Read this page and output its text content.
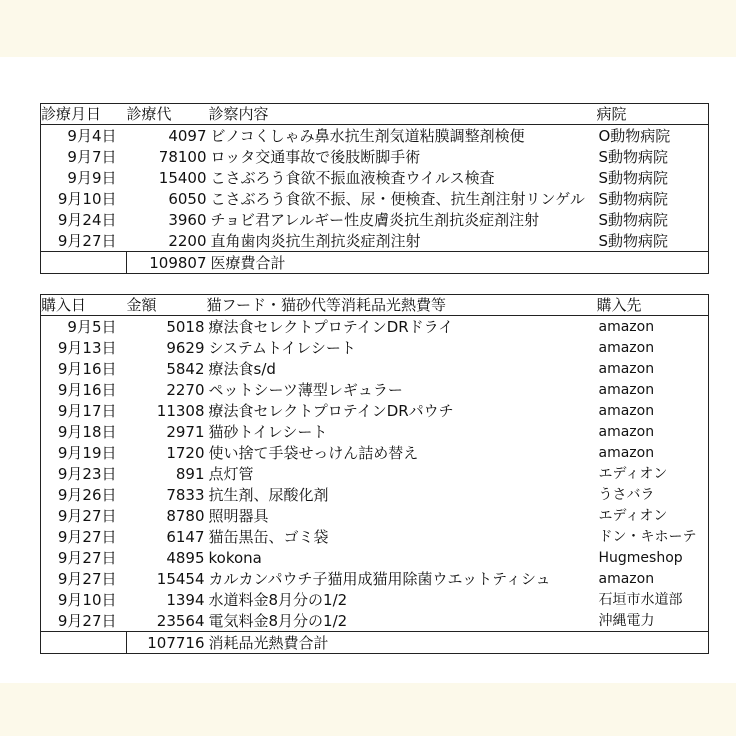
診療月日	診療代	診察内容	病院
9月4日	4097	ビノコくしゃみ鼻水抗生剤気道粘膜調整剤検便	O動物病院
9月7日	78100	ロッタ交通事故で後肢断脚手術	S動物病院
9月9日	15400	こさぶろう食欲不振血液検査ウイルス検査	S動物病院
9月10日	6050	こさぶろう食欲不振、尿・便検査、抗生剤注射リンゲル	S動物病院
9月24日	3960	チョビ君アレルギー性皮膚炎抗生剤抗炎症剤注射	S動物病院
9月27日	2200	直角歯肉炎抗生剤抗炎症剤注射	S動物病院
	109807	医療費合計	
購入日	金額	猫フード・猫砂代等消耗品光熱費等	購入先
9月5日	5018	療法食セレクトプロテインDRドライ	amazon
9月13日	9629	システムトイレシート	amazon
9月16日	5842	療法食s/d	amazon
9月16日	2270	ペットシーツ薄型レギュラー	amazon
9月17日	11308	療法食セレクトプロテインDRパウチ	amazon
9月18日	2971	猫砂トイレシート	amazon
9月19日	1720	使い捨て手袋せっけん詰め替え	amazon
9月23日	891	点灯管	エディオン
9月26日	7833	抗生剤、尿酸化剤	うさバラ
9月27日	8780	照明器具	エディオン
9月27日	6147	猫缶黒缶、ゴミ袋	ドン・キホーテ
9月27日	4895	kokona	Hugmeshop
9月27日	15454	カルカンパウチ子猫用成猫用除菌ウエットティシュ	amazon
9月10日	1394	水道料金8月分の1/2	石垣市水道部
9月27日	23564	電気料金8月分の1/2	沖縄電力
	107716	消耗品光熱費合計	
